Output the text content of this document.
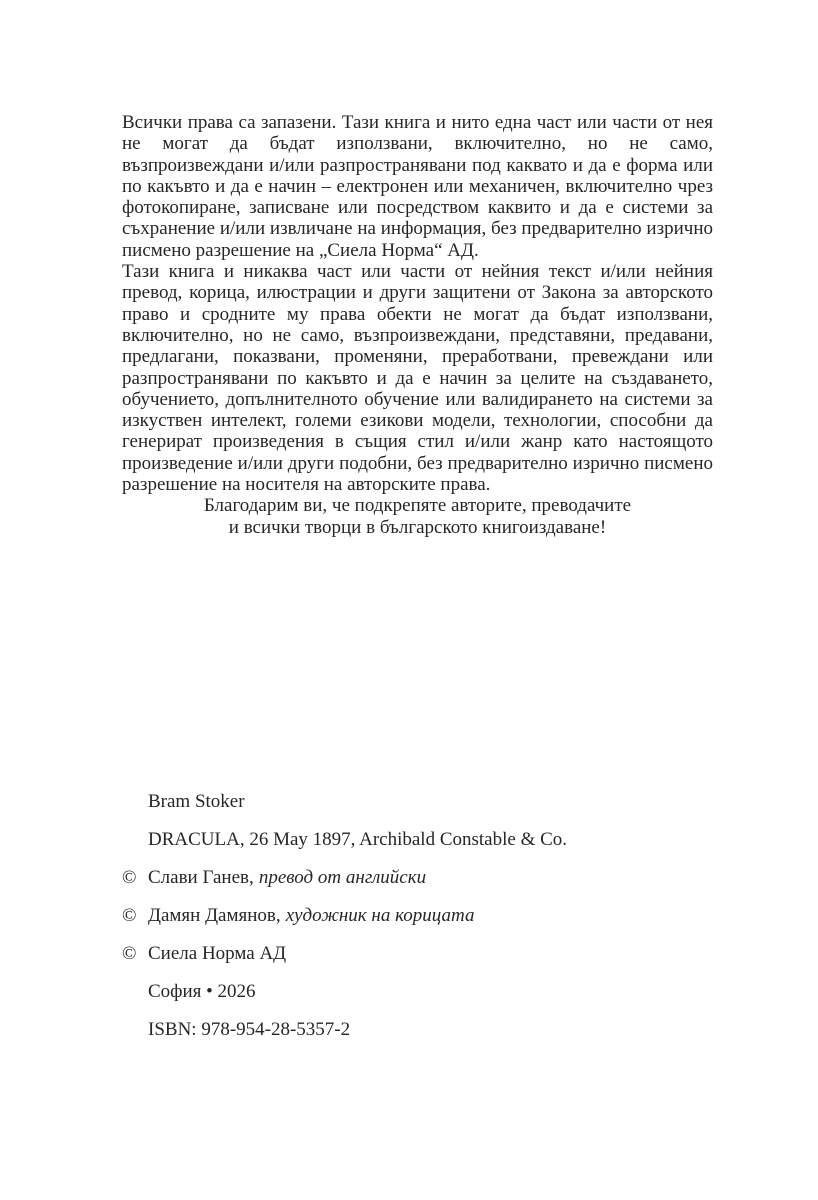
Всички права са запазени. Тази книга и нито една част или части от нея не могат да бъдат използвани, включително, но не само, възпроизвеждани и/или разпространявани под каквато и да е форма или по какъвто и да е начин – електронен или механичен, включително чрез фотокопиране, записване или посредством каквито и да е системи за съхранение и/или извличане на информация, без предварително изрично писмено разрешение на „Сиела Норма“ АД.

Тази книга и никаква част или части от нейния текст и/или нейния превод, корица, илюстрации и други защитени от Закона за авторското право и сродните му права обекти не могат да бъдат използвани, включително, но не само, възпроизвеждани, представяни, предавани, предлагани, показвани, променяни, преработвани, превеждани или разпространявани по какъвто и да е начин за целите на създаването, обучението, допълнителното обучение или валидирането на системи за изкуствен интелект, големи езикови модели, технологии, способни да генерират произведения в същия стил и/или жанр като настоящото произведение и/или други подобни, без предварително изрично писмено разрешение на носителя на авторските права.

Благодарим ви, че подкрепяте авторите, преводачите
и всички творци в българското книгоиздаване!

Bram Stoker

DRACULA, 26 May 1897, Archibald Constable & Co.

© Слави Ганев, превод от английски

© Дамян Дамянов, художник на корицата

© Сиела Норма АД

София • 2026

ISBN: 978-954-28-5357-2
